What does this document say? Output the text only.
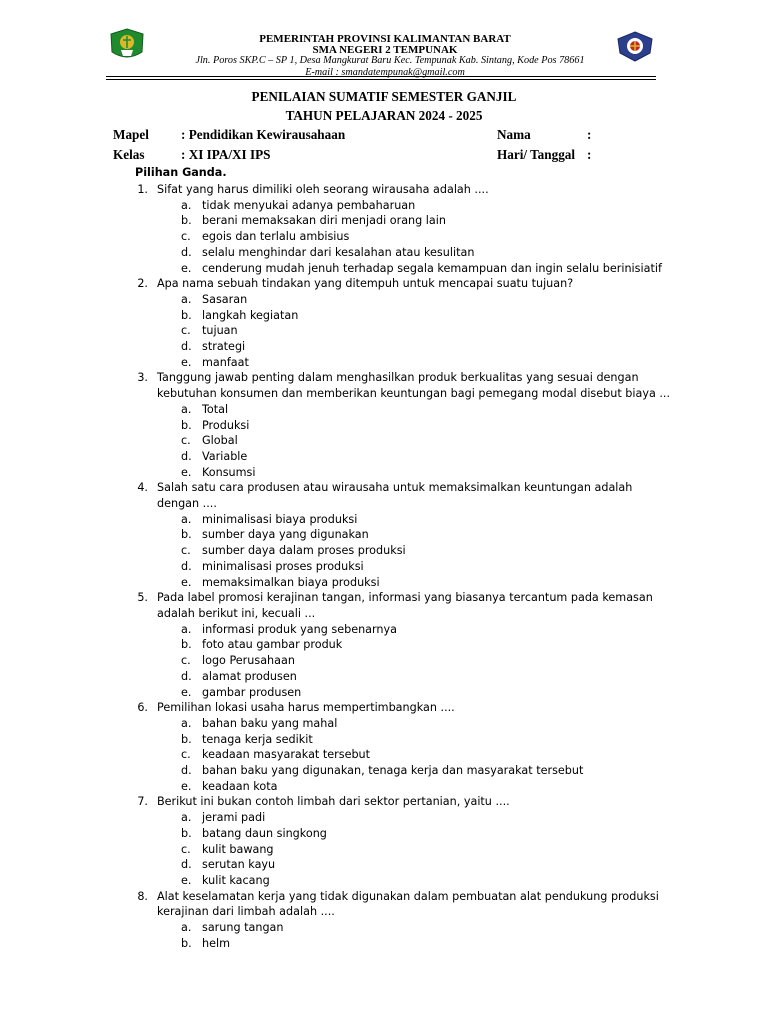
PEMERINTAH PROVINSI KALIMANTAN BARAT
SMA NEGERI 2 TEMPUNAK
Jln. Poros SKP.C – SP 1, Desa Mangkurat Baru Kec. Tempunak Kab. Sintang, Kode Pos 78661
E-mail : smandatempunak@gmail.com
PENILAIAN SUMATIF SEMESTER GANJIL
TAHUN PELAJARAN 2024 - 2025
Mapel : Pendidikan Kewirausahaan	Nama	:
Kelas	: XI IPA/XI IPS	Hari/ Tanggal :
Pilihan Ganda.
1. Sifat yang harus dimiliki oleh seorang wirausaha adalah ....
a. tidak menyukai adanya pembaharuan
b. berani memaksakan diri menjadi orang lain
c.	egois dan terlalu ambisius
d. selalu menghindar dari kesalahan atau kesulitan
e. cenderung mudah jenuh terhadap segala kemampuan dan ingin selalu berinisiatif
2. Apa nama sebuah tindakan yang ditempuh untuk mencapai suatu tujuan?
a. Sasaran
b. langkah kegiatan
c.	tujuan
d. strategi
e. manfaat
3. Tanggung jawab penting dalam menghasilkan produk berkualitas yang sesuai dengan kebutuhan konsumen dan memberikan keuntungan bagi pemegang modal disebut biaya ...
a. Total
b. Produksi
c.	Global
d. Variable
e. Konsumsi
4. Salah satu cara produsen atau wirausaha untuk memaksimalkan keuntungan adalah dengan ....
a. minimalisasi biaya produksi
b. sumber daya yang digunakan
c.	sumber daya dalam proses produksi
d. minimalisasi proses produksi
e. memaksimalkan biaya produksi
5. Pada label promosi kerajinan tangan, informasi yang biasanya tercantum pada kemasan adalah berikut ini, kecuali ...
a. informasi produk yang sebenarnya
b. foto atau gambar produk
c.	logo Perusahaan
d. alamat produsen
e. gambar produsen
6. Pemilihan lokasi usaha harus mempertimbangkan ....
a. bahan baku yang mahal
b. tenaga kerja sedikit
c.	keadaan masyarakat tersebut
d. bahan baku yang digunakan, tenaga kerja dan masyarakat tersebut
e. keadaan kota
7. Berikut ini bukan contoh limbah dari sektor pertanian, yaitu ....
a. jerami padi
b. batang daun singkong
c.	kulit bawang
d. serutan kayu
e. kulit kacang
8. Alat keselamatan kerja yang tidak digunakan dalam pembuatan alat pendukung produksi kerajinan dari limbah adalah ....
a. sarung tangan
b. helm
